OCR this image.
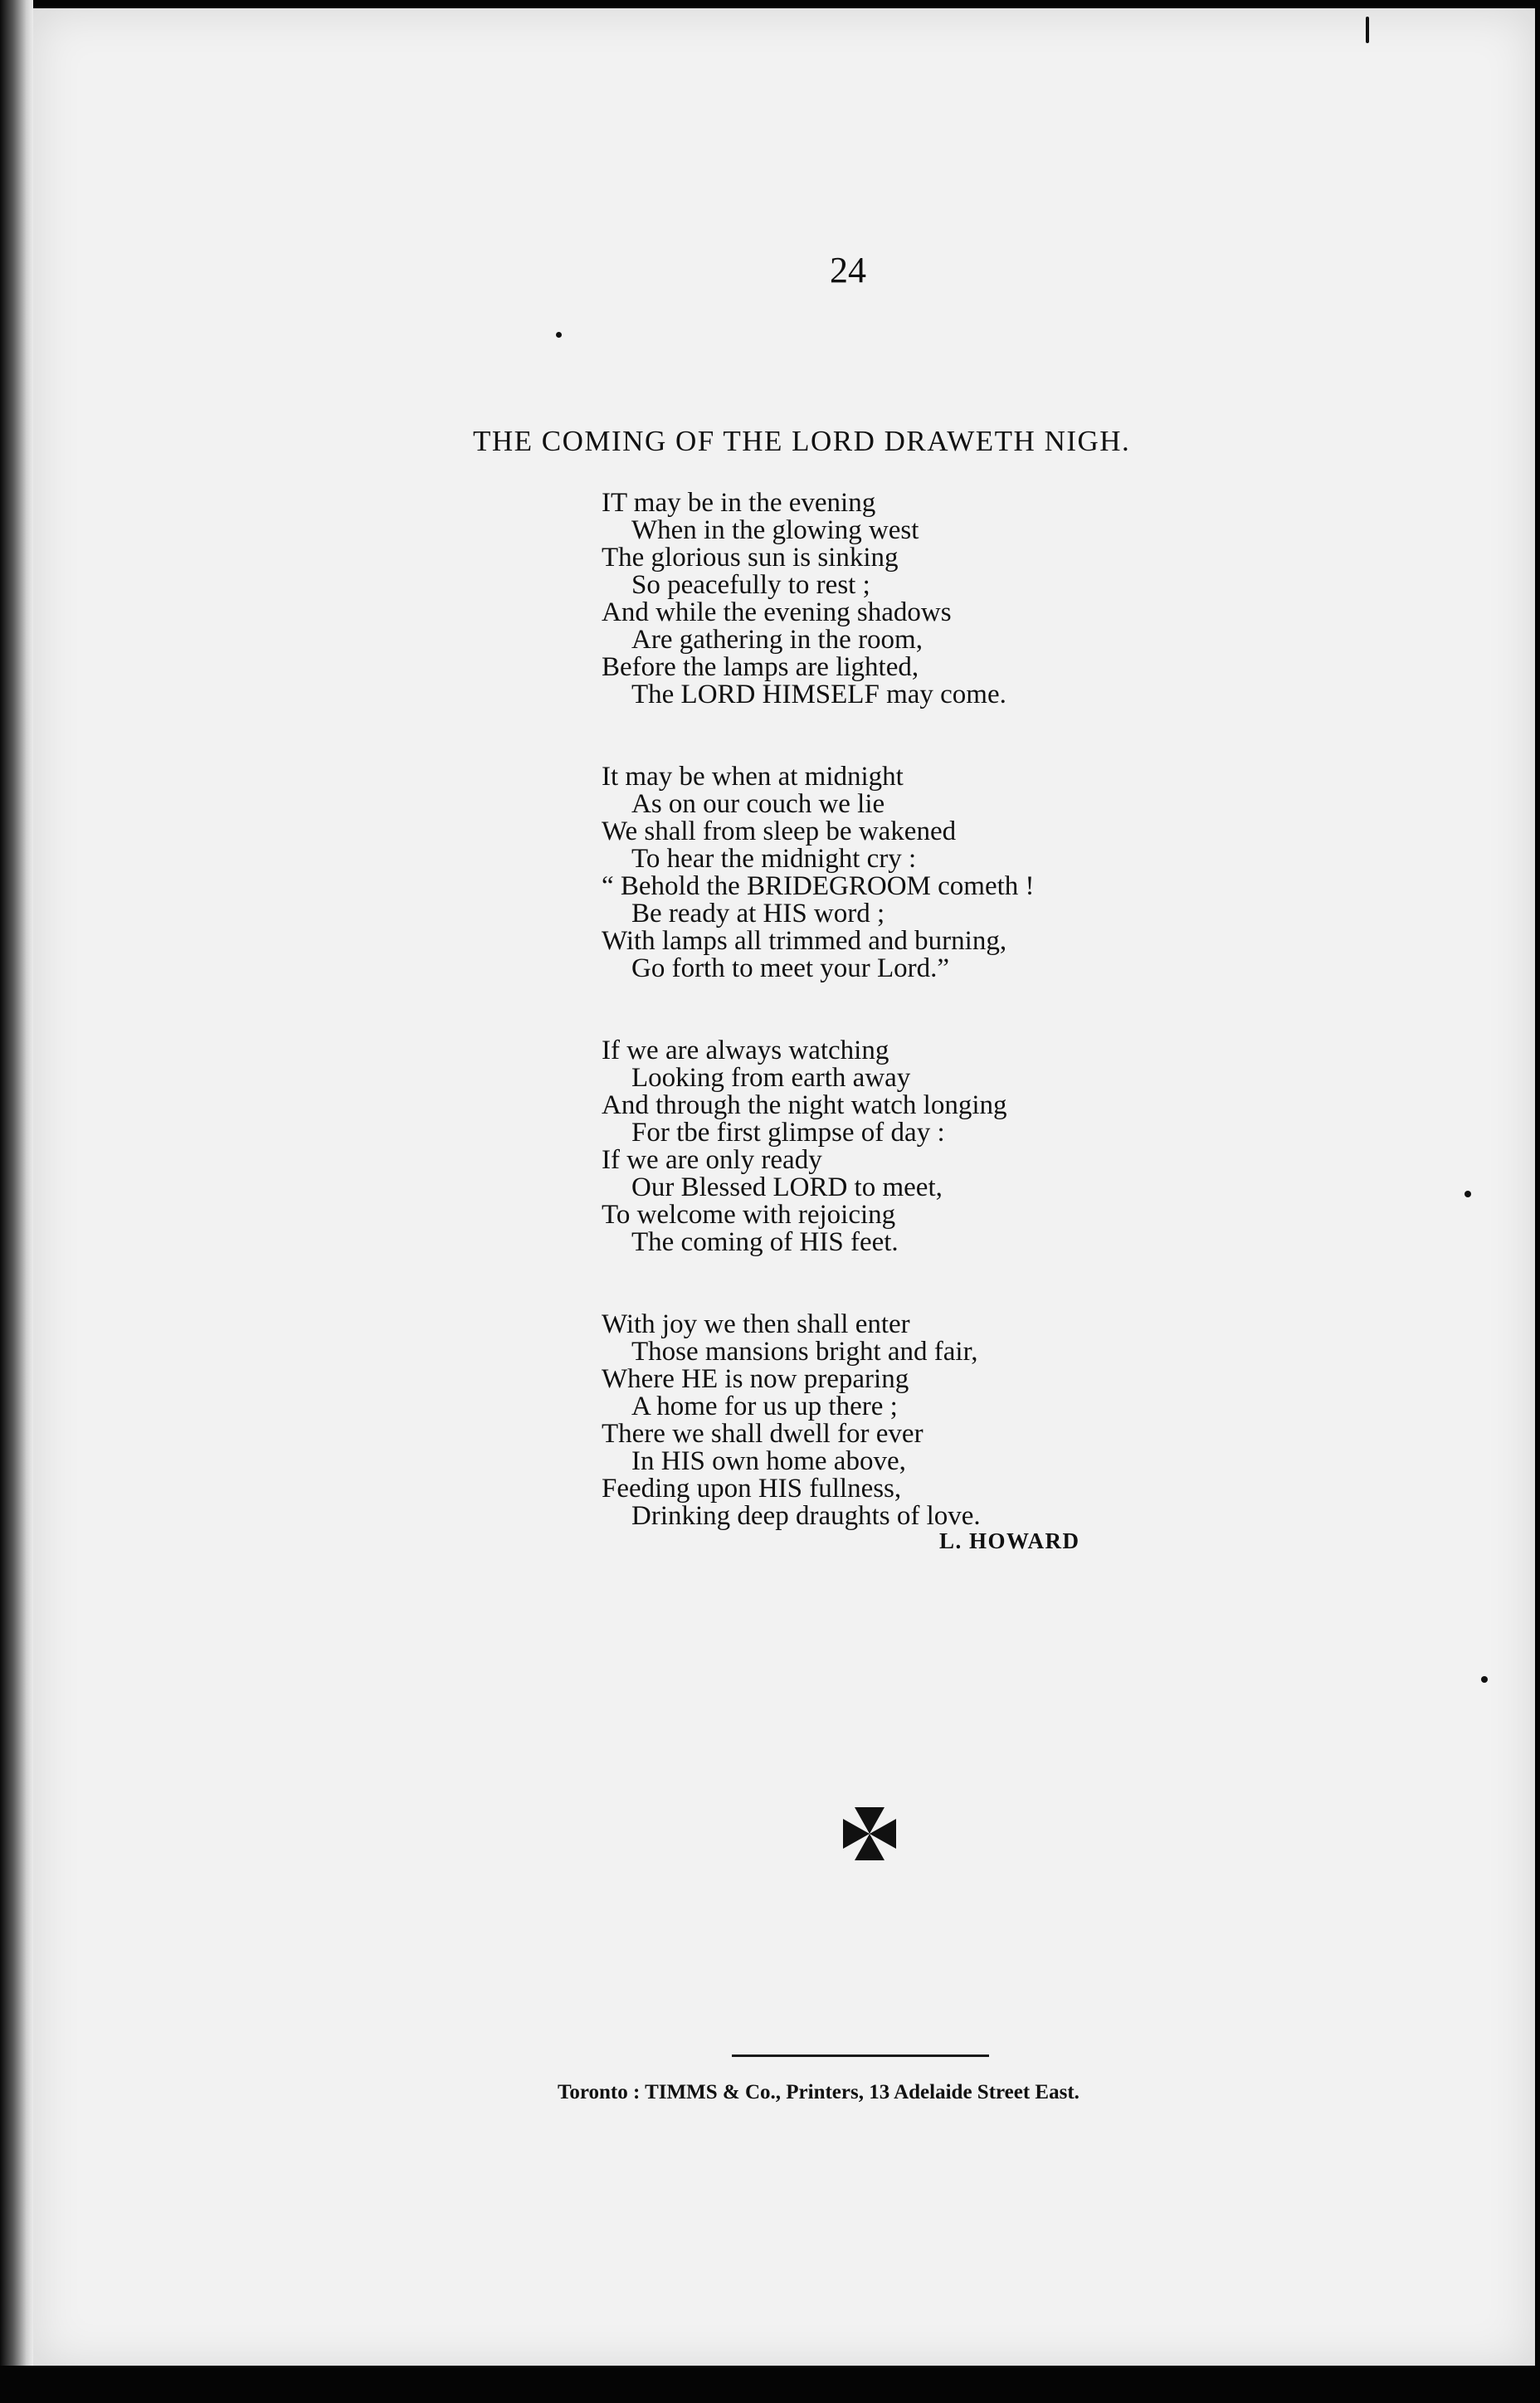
24
THE COMING OF THE LORD DRAWETH NIGH.
IT may be in the evening
When in the glowing west
The glorious sun is sinking
So peacefully to rest ;
And while the evening shadows
Are gathering in the room,
Before the lamps are lighted,
The LORD HIMSELF may come.
It may be when at midnight
As on our couch we lie
We shall from sleep be wakened
To hear the midnight cry :
“ Behold the BRIDEGROOM cometh !
Be ready at HIS word ;
With lamps all trimmed and burning,
Go forth to meet your Lord.”
If we are always watching
Looking from earth away
And through the night watch longing
For tbe first glimpse of day :
If we are only ready
Our Blessed LORD to meet,
To welcome with rejoicing
The coming of HIS feet.
With joy we then shall enter
Those mansions bright and fair,
Where HE is now preparing
A home for us up there ;
There we shall dwell for ever
In HIS own home above,
Feeding upon HIS fullness,
Drinking deep draughts of love.
L. HOWARD
Toronto : TIMMS & Co., Printers, 13 Adelaide Street East.
